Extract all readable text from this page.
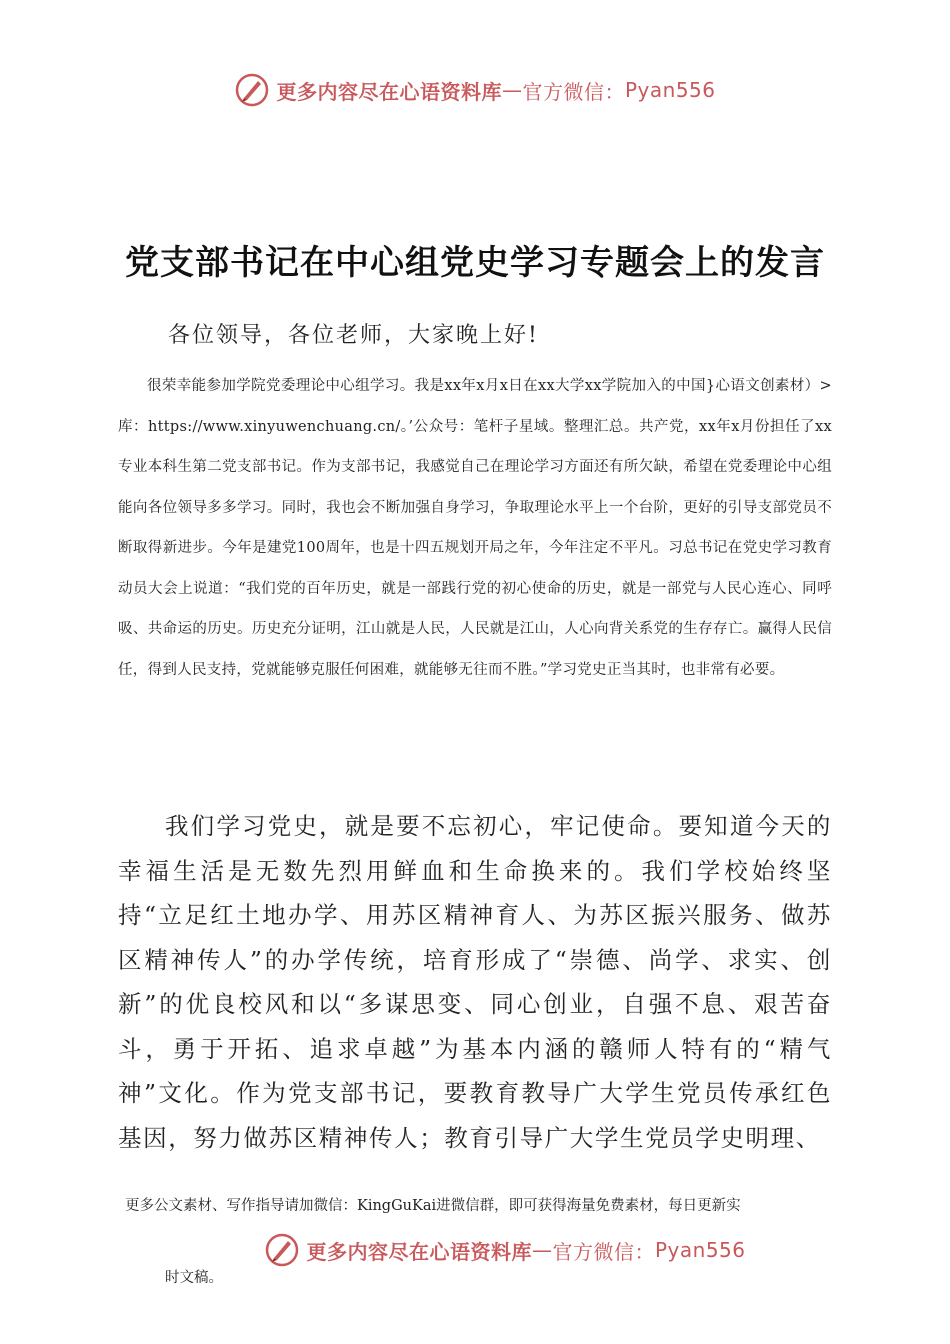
更多内容尽在心语资料库 — 官方微信： Pyan556
党支部书记在中心组党史学习专题会上的发言
各位领导，各位老师，大家晚上好!
很荣幸能参加学院党委理论中心组学习。我是xx年x月x日在xx大学xx学院加入的中国}心语文创素材）>库：https://www.xinyuwenchuang.cn/。’公众号：笔杆子星域。整理汇总。共产党，xx年x月份担任了xx专业本科生第二党支部书记。作为支部书记，我感觉自己在理论学习方面还有所欠缺，希望在党委理论中心组能向各位领导多多学习。同时，我也会不断加强自身学习，争取理论水平上一个台阶，更好的引导支部党员不断取得新进步。今年是建党100周年，也是十四五规划开局之年，今年注定不平凡。习总书记在党史学习教育动员大会上说道：“我们党的百年历史，就是一部践行党的初心使命的历史，就是一部党与人民心连心、同呼吸、共命运的历史。历史充分证明，江山就是人民，人民就是江山，人心向背关系党的生存存亡。赢得人民信任，得到人民支持，党就能够克服任何困难，就能够无往而不胜。”学习党史正当其时，也非常有必要。
我们学习党史，就是要不忘初心，牢记使命。要知道今天的幸福生活是无数先烈用鲜血和生命换来的。我们学校始终坚持“立足红土地办学、用苏区精神育人、为苏区振兴服务、做苏区精神传人”的办学传统，培育形成了“崇德、尚学、求实、创新”的优良校风和以“多谋思变、同心创业，自强不息、艰苦奋斗，勇于开拓、追求卓越”为基本内涵的赣师人特有的“精气神”文化。作为党支部书记，要教育教导广大学生党员传承红色基因，努力做苏区精神传人；教育引导广大学生党员学史明理、
更多公文素材、写作指导请加微信：KingGuKai进微信群，即可获得海量免费素材，每日更新实
更多内容尽在心语资料库 — 官方微信： Pyan556
时文稿。
